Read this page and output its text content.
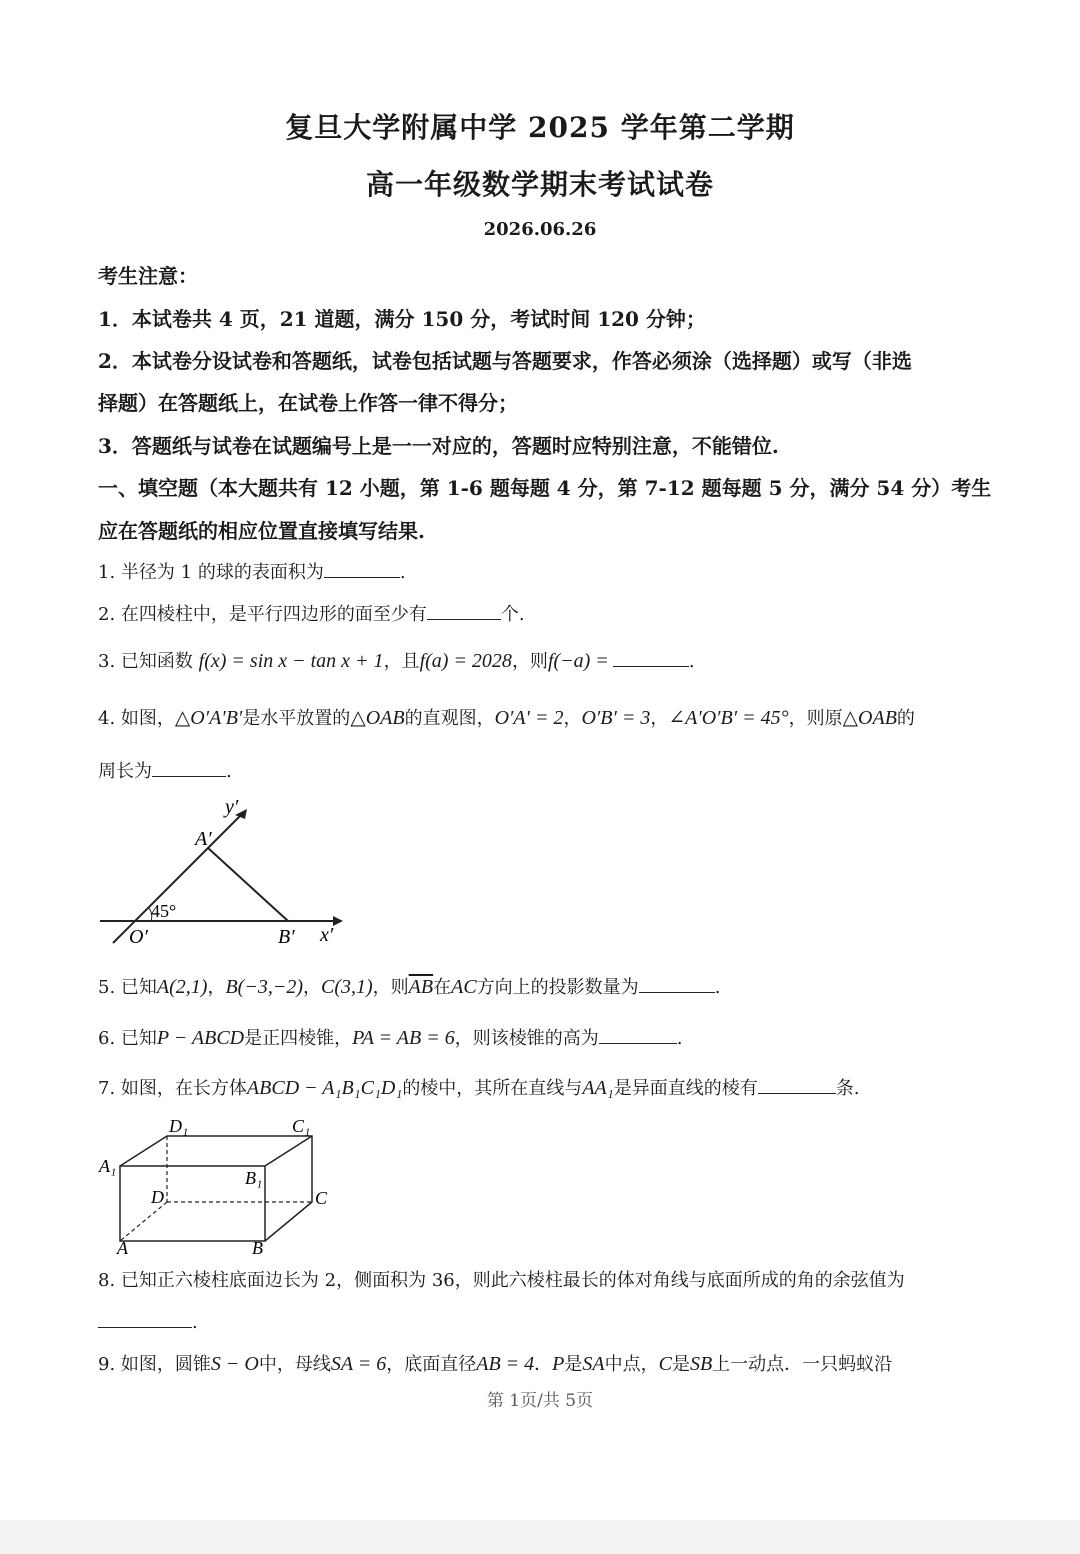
复旦大学附属中学 2025 学年第二学期
高一年级数学期末考试试卷
2026.06.26
考生注意：
1．本试卷共 4 页，21 道题，满分 150 分，考试时间 120 分钟；
2．本试卷分设试卷和答题纸，试卷包括试题与答题要求，作答必须涂（选择题）或写（非选
择题）在答题纸上，在试卷上作答一律不得分；
3．答题纸与试卷在试题编号上是一一对应的，答题时应特别注意，不能错位.
一、填空题（本大题共有 12 小题，第 1-6 题每题 4 分，第 7-12 题每题 5 分，满分 54 分）考生
应在答题纸的相应位置直接填写结果.
1. 半径为 1 的球的表面积为	.
2. 在四棱柱中，是平行四边形的面至少有	个.
3. 已知函数 f(x) = sin x − tan x + 1，且f(a) = 2028，则f(−a) =	.
4. 如图，△O′A′B′是水平放置的△OAB的直观图，O′A′ = 2，O′B′ = 3，∠A′O′B′ = 45°，则原△OAB的
周长为	.
y′
A′
45°
O′	B′ x′
5. 已知A(2,1)，B(−3,−2)，C(3,1)，则$\overline{AB}$在AC方向上的投影数量为	.
6. 已知P − ABCD是正四棱锥，PA = AB = 6，则该棱锥的高为	.
7. 如图，在长方体ABCD − A₁B₁C₁D₁的棱中，其所在直线与AA₁是异面直线的棱有	条.
D₁	C₁
A₁
B₁
D	C
A	B
8. 已知正六棱柱底面边长为 2，侧面积为 36，则此六棱柱最长的体对角线与底面所成的角的余弦值为
.
9. 如图，圆锥S − O中，母线SA = 6，底面直径AB = 4．P是SA中点，C是SB上一动点．一只蚂蚁沿
第 1页/共 5页
